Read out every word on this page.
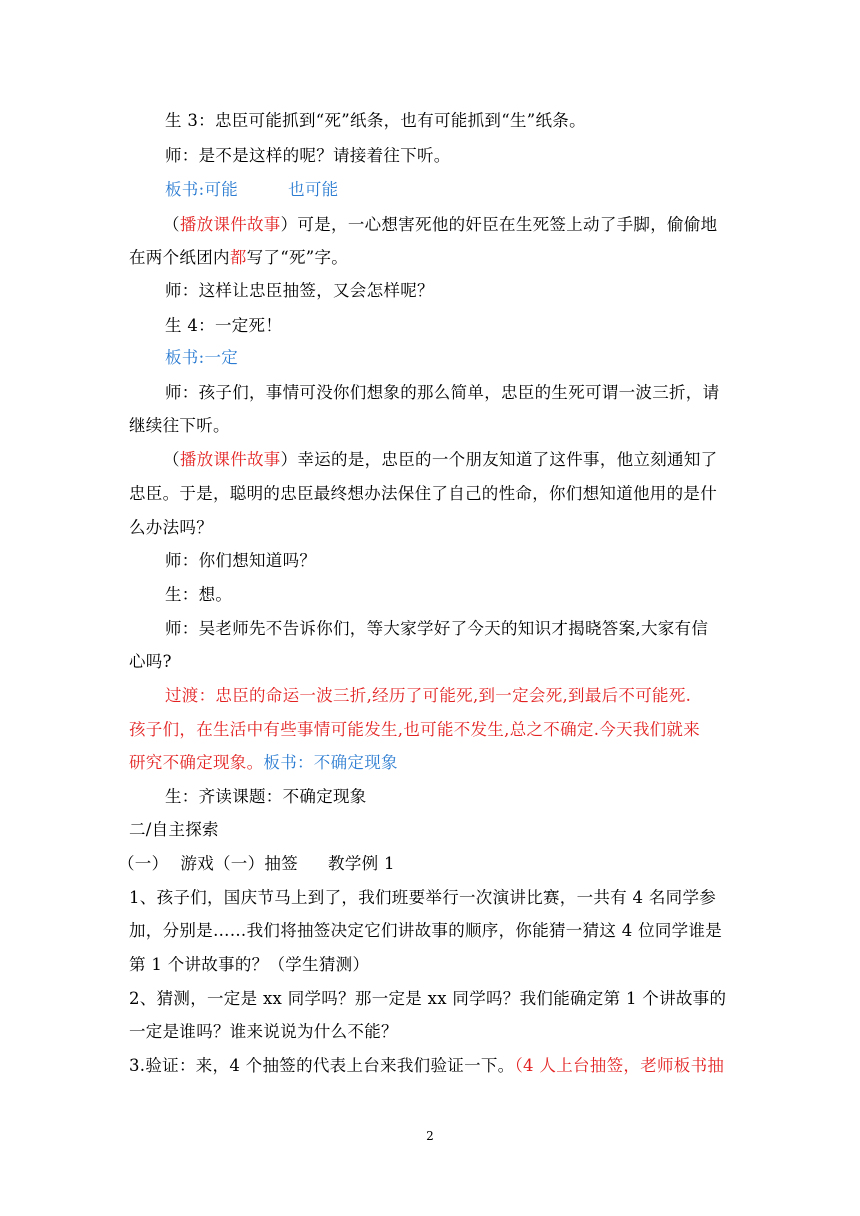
生 3：忠臣可能抓到“死”纸条，也有可能抓到“生”纸条。
师：是不是这样的呢？请接着往下听。
板书:可能	也可能
（播放课件故事）可是，一心想害死他的奸臣在生死签上动了手脚，偷偷地
在两个纸团内都写了“死”字。
师：这样让忠臣抽签，又会怎样呢？
生 4：一定死！
板书:一定
师：孩子们，事情可没你们想象的那么简单，忠臣的生死可谓一波三折，请
继续往下听。
（播放课件故事）幸运的是，忠臣的一个朋友知道了这件事，他立刻通知了
忠臣。于是，聪明的忠臣最终想办法保住了自己的性命，你们想知道他用的是什
么办法吗？
师：你们想知道吗？
生：想。
师：吴老师先不告诉你们，等大家学好了今天的知识才揭晓答案,大家有信
心吗?
过渡：忠臣的命运一波三折,经历了可能死,到一定会死,到最后不可能死.
孩子们，在生活中有些事情可能发生,也可能不发生,总之不确定.今天我们就来
研究不确定现象。板书：不确定现象
生：齐读课题：不确定现象
二/自主探索
（一） 游戏（一）抽签 教学例 1
1、孩子们，国庆节马上到了，我们班要举行一次演讲比赛，一共有 4 名同学参
加，分别是……我们将抽签决定它们讲故事的顺序，你能猜一猜这 4 位同学谁是
第 1 个讲故事的？（学生猜测）
2、猜测，一定是 xx 同学吗？那一定是 xx 同学吗？我们能确定第 1 个讲故事的
一定是谁吗？谁来说说为什么不能？
3.验证：来，4 个抽签的代表上台来我们验证一下。（4 人上台抽签，老师板书抽
2
